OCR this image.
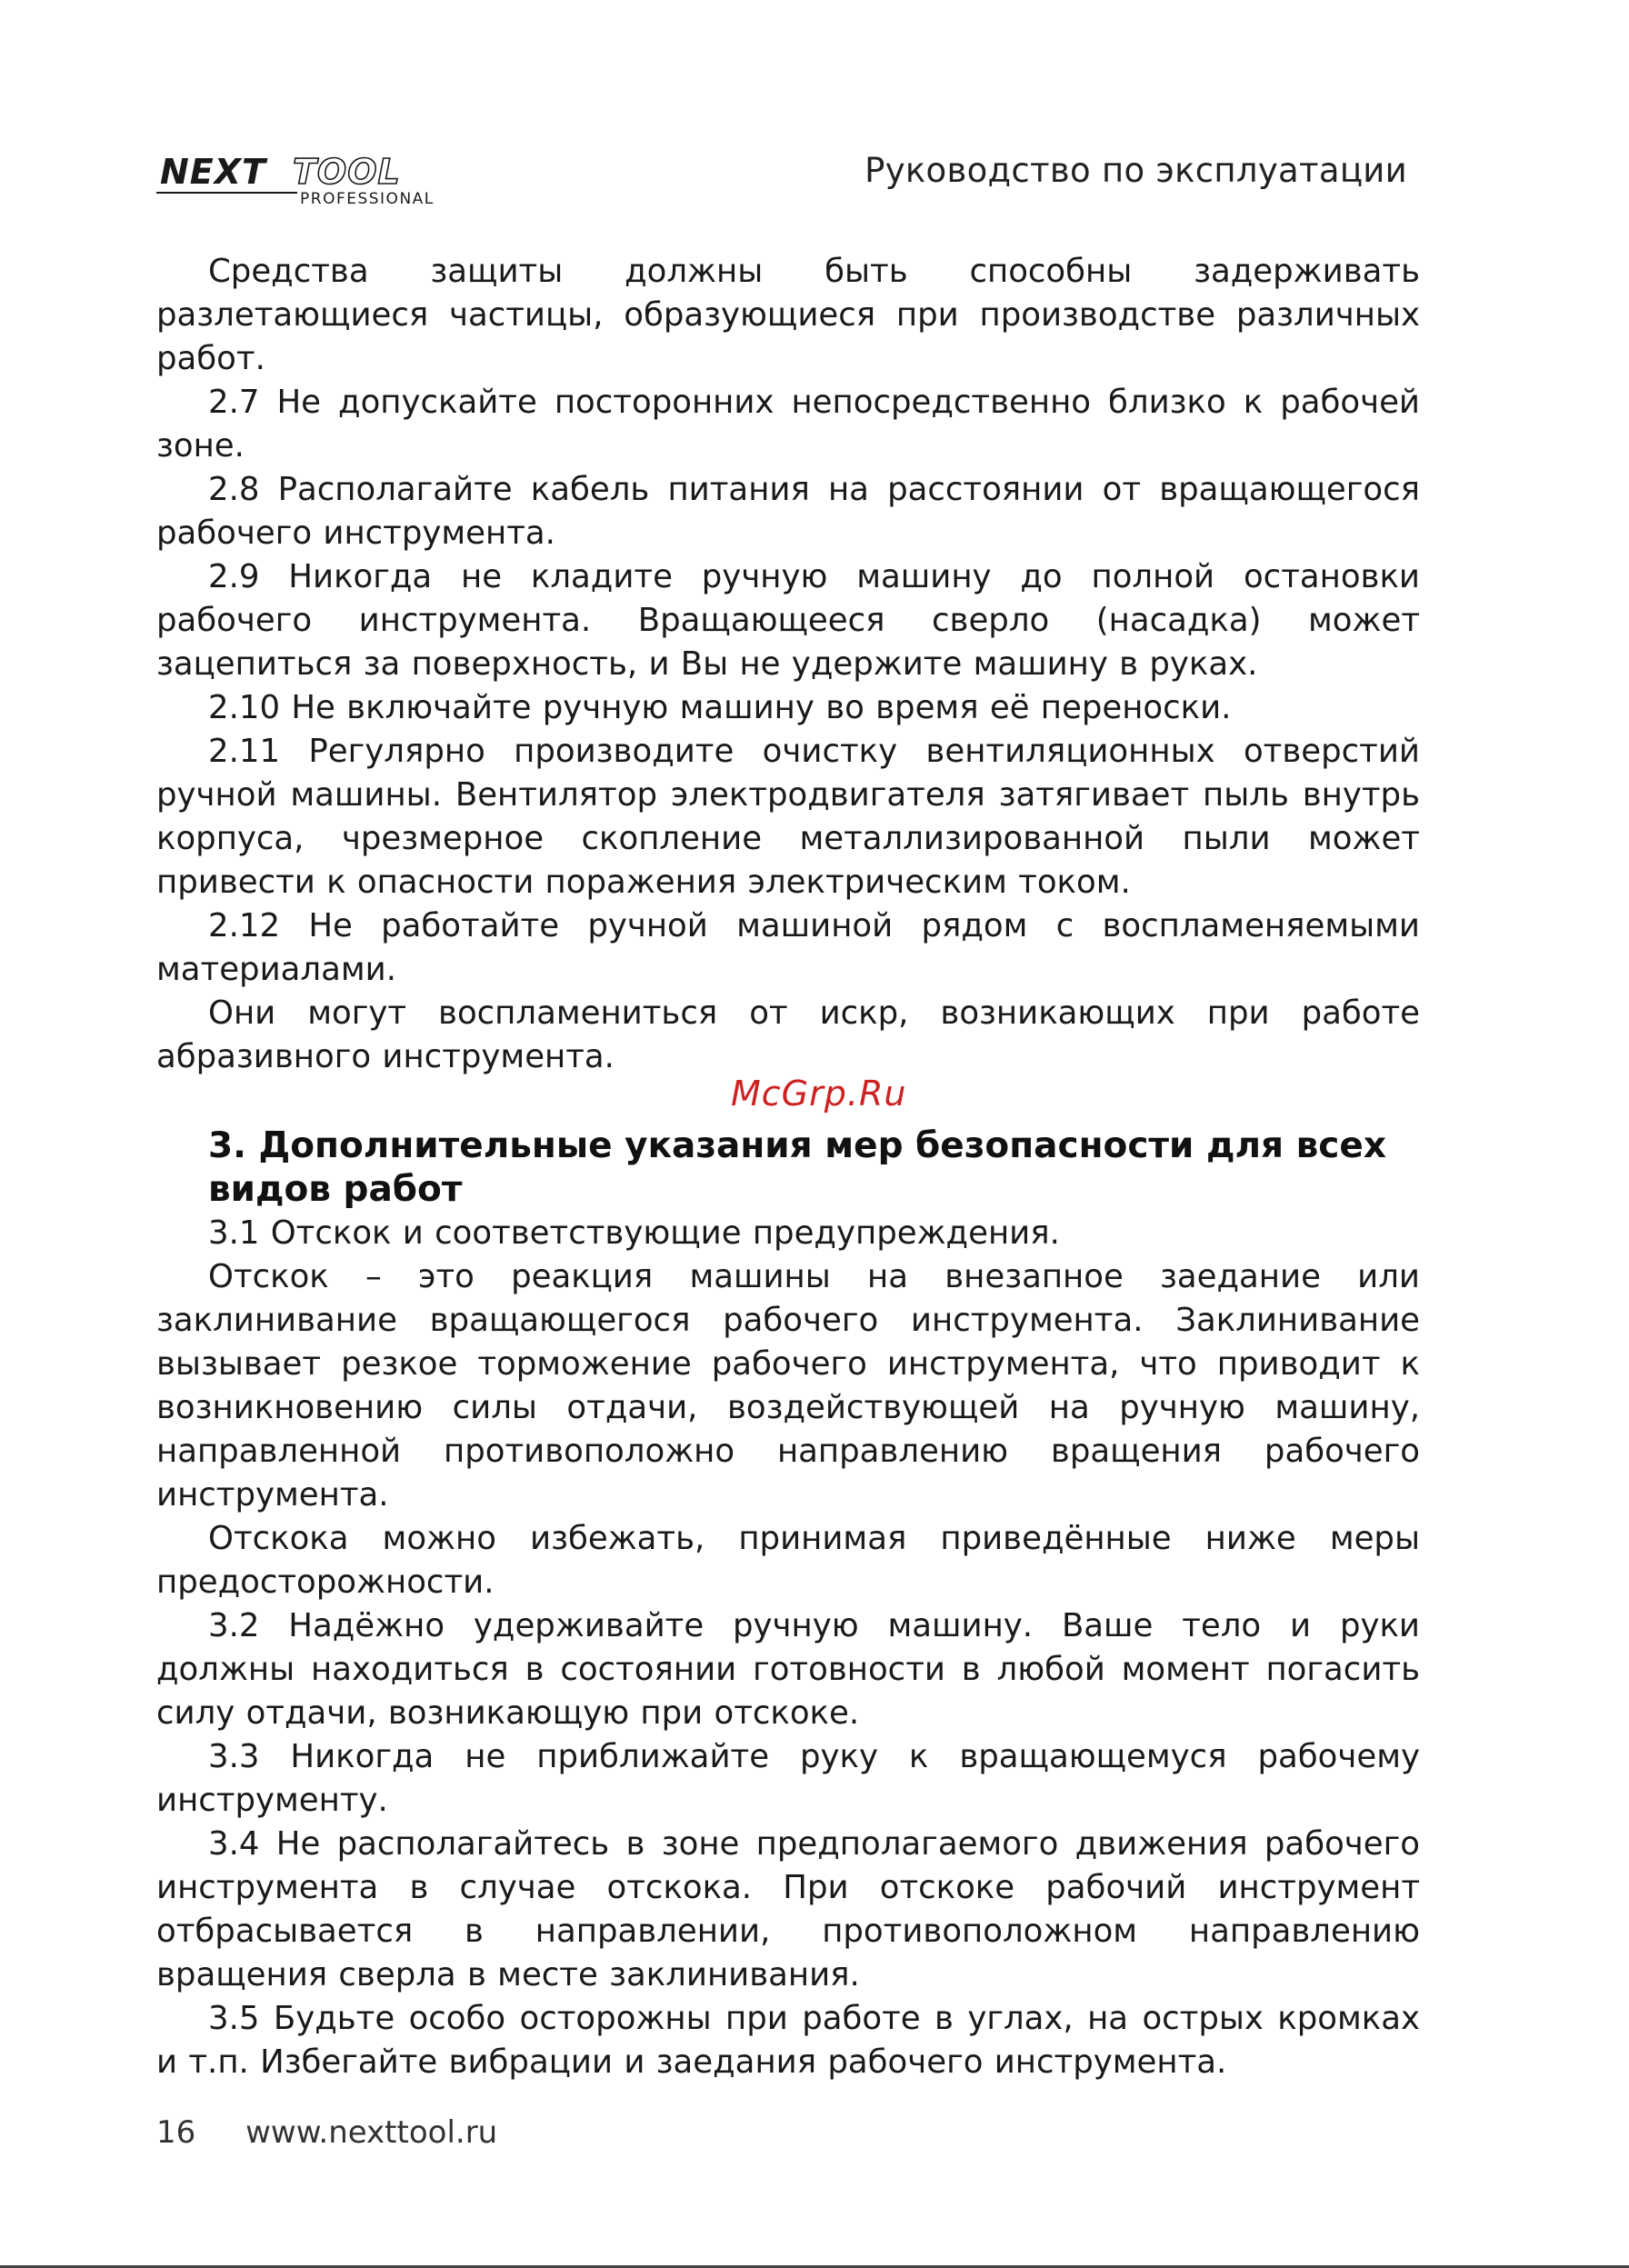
NEXT TOOL
PROFESSIONAL
Руководство по эксплуатации

Средства защиты должны быть способны задерживать разлетающиеся частицы, образующиеся при производстве различных работ.

2.7 Не допускайте посторонних непосредственно близко к рабочей зоне.

2.8 Располагайте кабель питания на расстоянии от вращающегося рабочего инструмента.

2.9 Никогда не кладите ручную машину до полной остановки рабочего инструмента. Вращающееся сверло (насадка) может зацепиться за поверхность, и Вы не удержите машину в руках.

2.10 Не включайте ручную машину во время её переноски.

2.11 Регулярно производите очистку вентиляционных отверстий ручной машины. Вентилятор электродвигателя затягивает пыль внутрь корпуса, чрезмерное скопление металлизированной пыли может привести к опасности поражения электрическим током.

2.12 Не работайте ручной машиной рядом с воспламеняемыми материалами.

Они могут воспламениться от искр, возникающих при работе абразивного инструмента.

3. Дополнительные указания мер безопасности для всех видов работ

3.1 Отскок и соответствующие предупреждения.

Отскок – это реакция машины на внезапное заедание или заклинивание вращающегося рабочего инструмента. Заклинивание вызывает резкое торможение рабочего инструмента, что приводит к возникновению силы отдачи, воздействующей на ручную машину, направленной противоположно направлению вращения рабочего инструмента.

Отскока можно избежать, принимая приведённые ниже меры предосторожности.

3.2 Надёжно удерживайте ручную машину. Ваше тело и руки должны находиться в состоянии готовности в любой момент погасить силу отдачи, возникающую при отскоке.

3.3 Никогда не приближайте руку к вращающемуся рабочему инструменту.

3.4 Не располагайтесь в зоне предполагаемого движения рабочего инструмента в случае отскока. При отскоке рабочий инструмент отбрасывается в направлении, противоположном направлению вращения сверла в месте заклинивания.

3.5 Будьте особо осторожны при работе в углах, на острых кромках и т.п. Избегайте вибрации и заедания рабочего инструмента.

McGrp.Ru
16 www.nexttool.ru
